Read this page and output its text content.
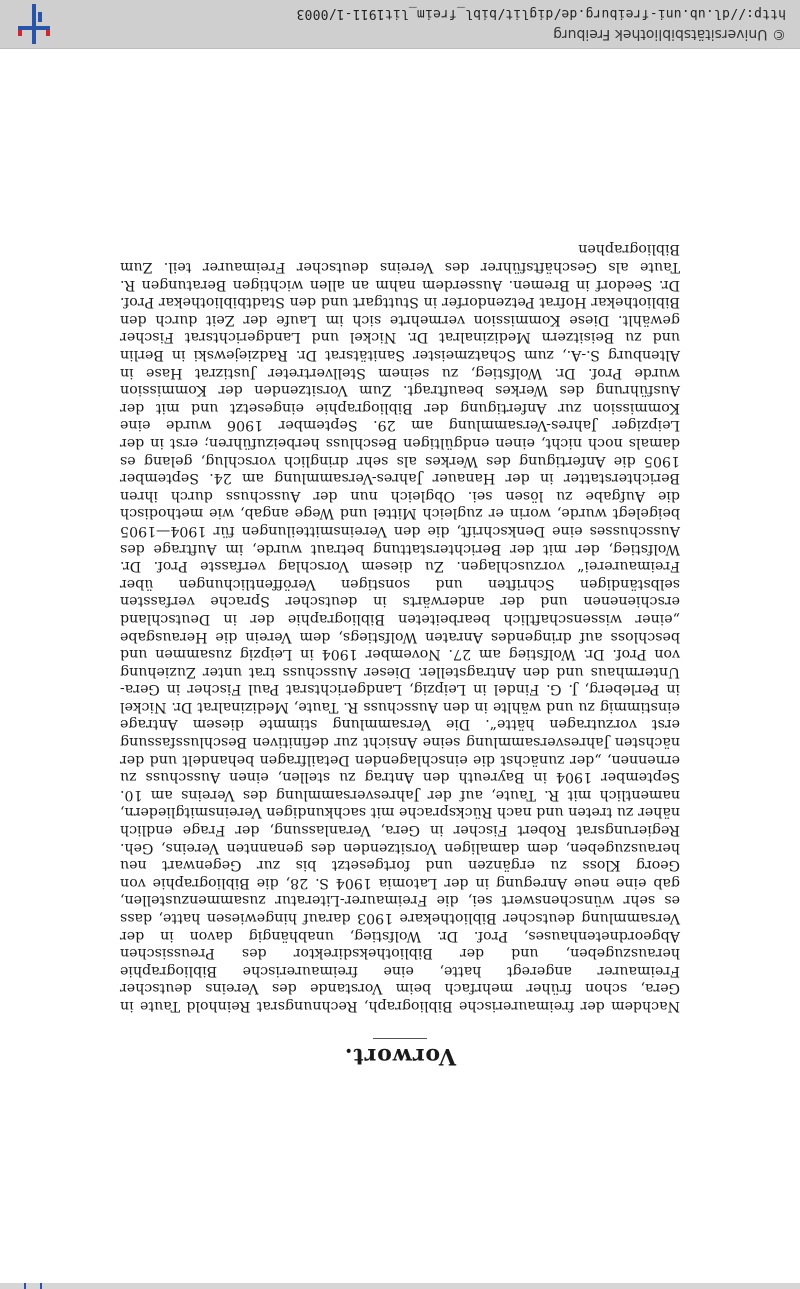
Vorwort.

Nachdem der freimaurerische Bibliograph, Rechnungsrat Reinhold Taute in Gera, schon früher mehrfach beim Vorstande des Vereins deutscher Freimaurer angeregt hatte, eine freimaurerische Bibliographie herauszugeben, und der Bibliotheksdirektor des Preussischen Abgeordnetenhauses, Prof. Dr. Wolfstieg, unabhängig davon in der Versammlung deutscher Bibliothekare 1903 darauf hingewiesen hatte, dass es sehr wünschenswert sei, die Freimaurer-Literatur zusammenzustellen, gab eine neue Anregung in der Latomia 1904 S. 28, die Bibliographie von Georg Kloss zu ergänzen und fortgesetzt bis zur Gegenwart neu herauszugeben, dem damaligen Vorsitzenden des genannten Vereins, Geh. Regierungsrat Robert Fischer in Gera, Veranlassung, der Frage endlich näher zu treten und nach Rücksprache mit sachkundigen Vereinsmitgliedern, namentlich mit R. Taute, auf der Jahresversammlung des Vereins am 10. September 1904 in Bayreuth den Antrag zu stellen, einen Ausschuss zu ernennen, „der zunächst die einschlagenden Detailfragen behandelt und der nächsten Jahresversammlung seine Ansicht zur definitiven Beschlussfassung erst vorzutragen hätte“. Die Versammlung stimmte diesem Antrage einstimmig zu und wählte in den Ausschuss R. Taute, Medizinalrat Dr. Nickel in Perleberg, J. G. Findel in Leipzig, Landgerichtsrat Paul Fischer in Gera-Untermhaus und den Antragsteller. Dieser Ausschuss trat unter Zuziehung von Prof. Dr. Wolfstieg am 27. November 1904 in Leipzig zusammen und beschloss auf dringendes Anraten Wolfstiegs, dem Verein die Herausgabe „einer wissenschaftlich bearbeiteten Bibliographie der in Deutschland erschienenen und der anderwärts in deutscher Sprache verfassten selbständigen Schriften und sonstigen Veröffentlichungen über Freimaurerei“ vorzuschlagen. Zu diesem Vorschlag verfasste Prof. Dr. Wolfstieg, der mit der Berichterstattung betraut wurde, im Auftrage des Ausschusses eine Denkschrift, die den Vereinsmitteilungen für 1904—1905 beigelegt wurde, worin er zugleich Mittel und Wege angab, wie methodisch die Aufgabe zu lösen sei. Obgleich nun der Ausschuss durch ihren Berichterstatter in der Hanauer Jahres-Versammlung am 24. September 1905 die Anfertigung des Werkes als sehr dringlich vorschlug, gelang es damals noch nicht, einen endgültigen Beschluss herbeizuführen; erst in der Leipziger Jahres-Versammlung am 29. September 1906 wurde eine Kommission zur Anfertigung der Bibliographie eingesetzt und mit der Ausführung des Werkes beauftragt. Zum Vorsitzenden der Kommission wurde Prof. Dr. Wolfstieg, zu seinem Stellvertreter Justizrat Hase in Altenburg S.-A., zum Schatzmeister Sanitätsrat Dr. Radziejewski in Berlin und zu Beisitzern Medizinalrat Dr. Nickel und Landgerichtsrat Fischer gewählt. Diese Kommission vermehrte sich im Laufe der Zeit durch den Bibliothekar Hofrat Petzendorfer in Stuttgart und den Stadtbibliothekar Prof. Dr. Seedorf in Bremen. Ausserdem nahm an allen wichtigen Beratungen R. Taute als Geschäftsführer des Vereins deutscher Freimaurer teil. Zum Bibliographen

© Universitätsbibliothek Freiburg
http://dl.ub.uni-freiburg.de/diglit/bibl_freim_lit1911-1/0003
